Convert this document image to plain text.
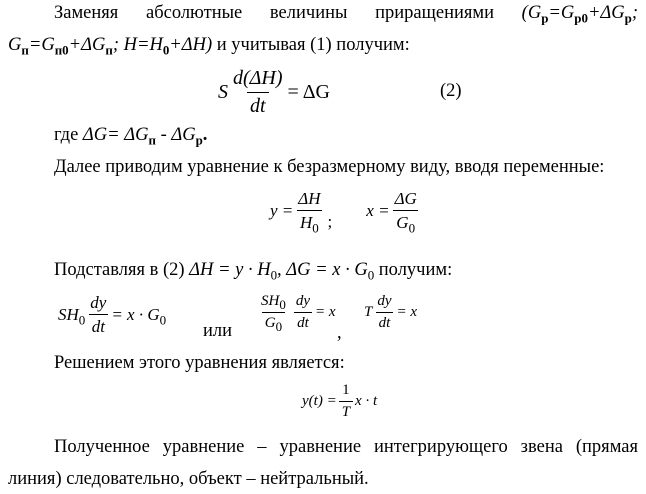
Заменяя абсолютные величины приращениями ($G_р=G_{р0}+\Delta G_р$;
$G_п=G_{п0}+\Delta G_п$; $H=H_0+\Delta H$) и учитывая (1) получим:
S $\frac{d(\Delta H)}{dt} = \Delta G$	(2)
где $\Delta G= \Delta G_п - \Delta G_р$.
Далее приводим уравнение к безразмерному виду, вводя переменные:
$y = \frac{\Delta H}{H_0}$ ;
$x = \frac{\Delta G}{G_0}$
Подставляя в (2) $\Delta H = y \cdot H_0$, $\Delta G = x \cdot G_0$ получим:
$SH_0 \frac{dy}{dt} = x \cdot G_0$
или $\frac{SH_0}{G_0} \frac{dy}{dt} = x$
,
T $\frac{dy}{dt} = x$
Решением этого уравнения является:
$y(t) = \frac{1}{T}$ x · t
Полученное уравнение – уравнение интегрирующего звена (прямая
линия) следовательно, объект – нейтральный.
